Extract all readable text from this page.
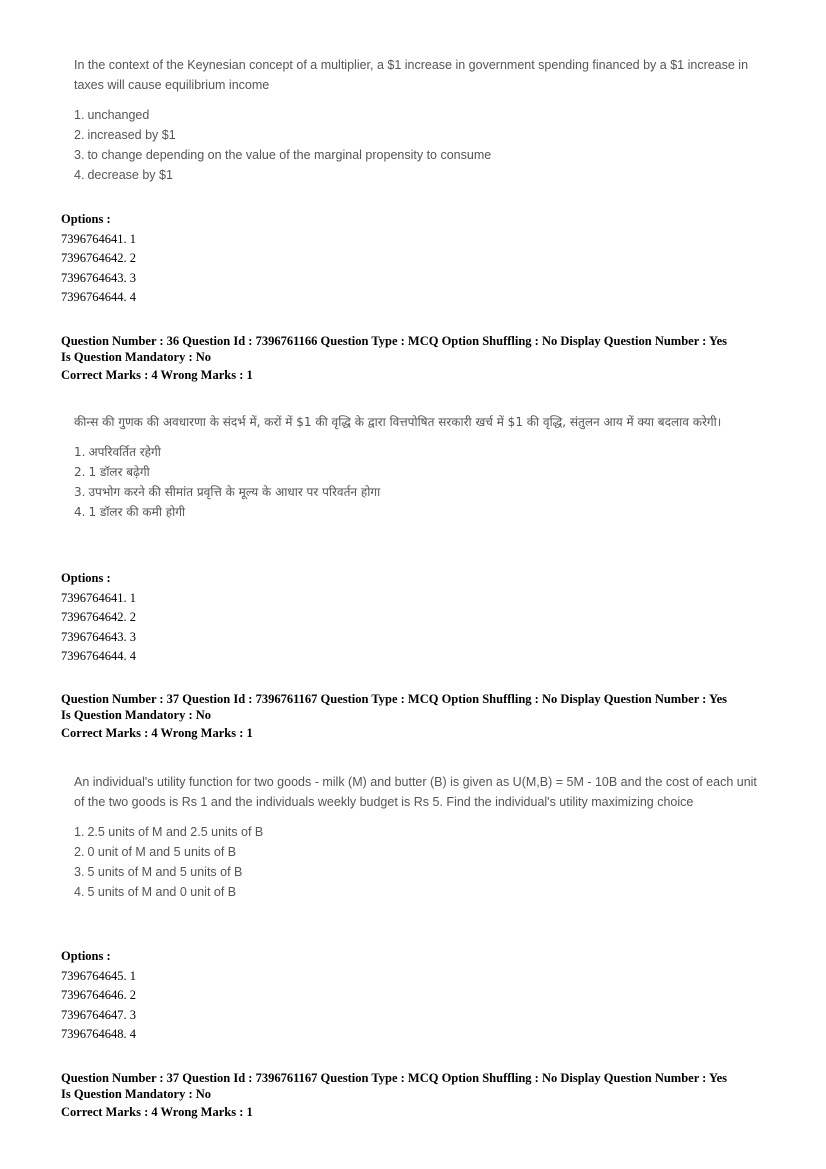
In the context of the Keynesian concept of a multiplier, a $1 increase in government spending financed by a $1 increase in taxes will cause equilibrium income

1. unchanged
2. increased by $1
3. to change depending on the value of the marginal propensity to consume
4. decrease by $1
Options :
7396764641. 1
7396764642. 2
7396764643. 3
7396764644. 4
Question Number : 36 Question Id : 7396761166 Question Type : MCQ Option Shuffling : No Display Question Number : Yes
Is Question Mandatory : No
Correct Marks : 4 Wrong Marks : 1

कीन्स की गुणक की अवधारणा के संदर्भ में, करों में $1 की वृद्धि के द्वारा वित्तपोषित सरकारी खर्च में $1 की वृद्धि, संतुलन आय में क्या बदलाव करेगी।

1. अपरिवर्तित रहेगी
2. 1 डॉलर बढ़ेगी
3. उपभोग करने की सीमांत प्रवृत्ति के मूल्य के आधार पर परिवर्तन होगा
4. 1 डॉलर की कमी होगी
Options :
7396764641. 1
7396764642. 2
7396764643. 3
7396764644. 4
Question Number : 37 Question Id : 7396761167 Question Type : MCQ Option Shuffling : No Display Question Number : Yes
Is Question Mandatory : No
Correct Marks : 4 Wrong Marks : 1

An individual's utility function for two goods - milk (M) and butter (B) is given as U(M,B) = 5M - 10B and the cost of each unit of the two goods is Rs 1 and the individuals weekly budget is Rs 5. Find the individual's utility maximizing choice

1. 2.5 units of M and 2.5 units of B
2. 0 unit of M and 5 units of B
3. 5 units of M and 5 units of B
4. 5 units of M and 0 unit of B
Options :
7396764645. 1
7396764646. 2
7396764647. 3
7396764648. 4
Question Number : 37 Question Id : 7396761167 Question Type : MCQ Option Shuffling : No Display Question Number : Yes
Is Question Mandatory : No
Correct Marks : 4 Wrong Marks : 1
